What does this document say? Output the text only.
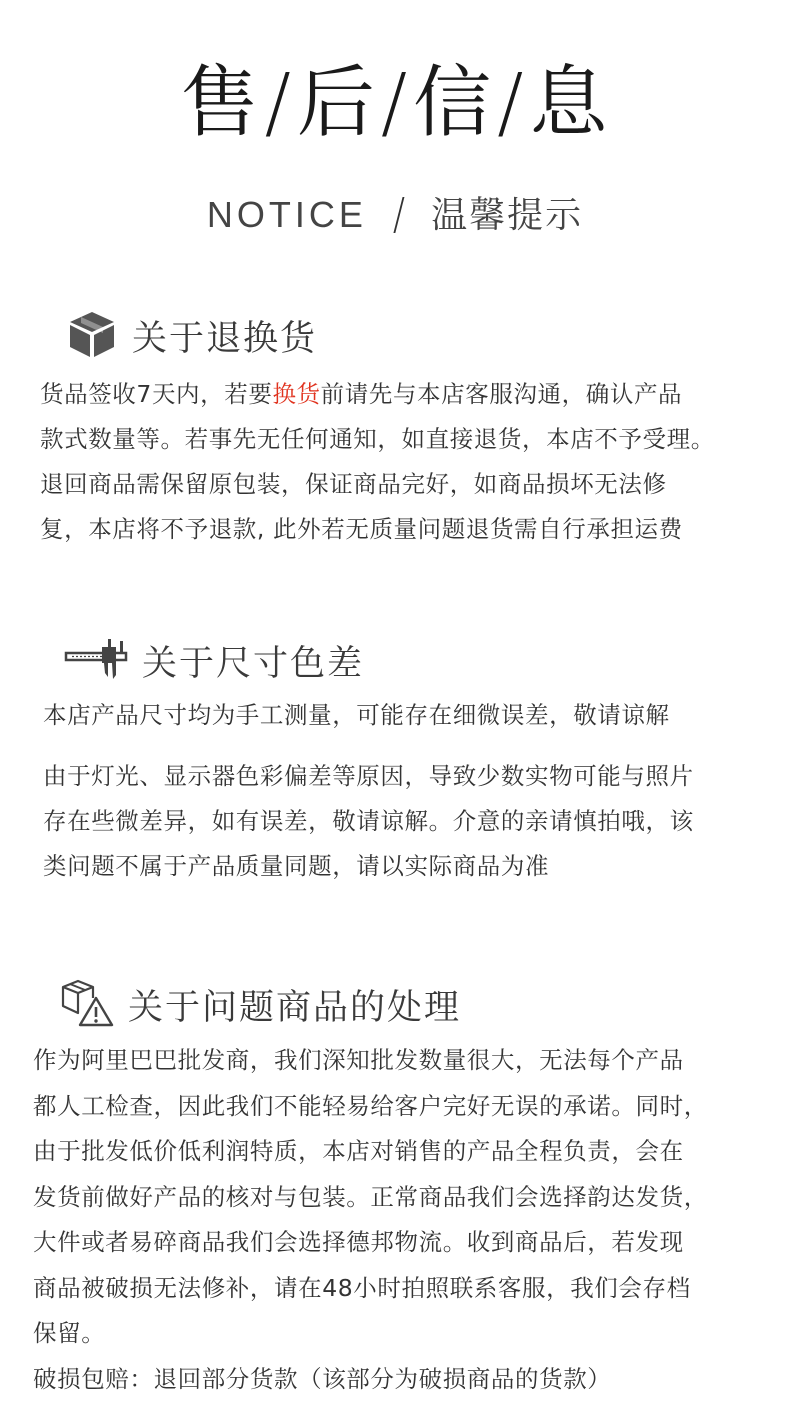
售/后/信/息
NOTICE / 温馨提示
关于退换货
货品签收7天内，若要换货前请先与本店客服沟通，确认产品
款式数量等。若事先无任何通知，如直接退货，本店不予受理。
退回商品需保留原包装，保证商品完好，如商品损坏无法修
复，本店将不予退款, 此外若无质量问题退货需自行承担运费
关于尺寸色差
本店产品尺寸均为手工测量，可能存在细微误差，敬请谅解
由于灯光、显示器色彩偏差等原因，导致少数实物可能与照片
存在些微差异，如有误差，敬请谅解。介意的亲请慎拍哦，该
类问题不属于产品质量同题，请以实际商品为准
关于问题商品的处理
作为阿里巴巴批发商，我们深知批发数量很大，无法每个产品
都人工检查，因此我们不能轻易给客户完好无误的承诺。同时，
由于批发低价低利润特质，本店对销售的产品全程负责，会在
发货前做好产品的核对与包装。正常商品我们会选择韵达发货，
大件或者易碎商品我们会选择德邦物流。收到商品后，若发现
商品被破损无法修补，请在48小时拍照联系客服，我们会存档
保留。
破损包赔：退回部分货款（该部分为破损商品的货款）
